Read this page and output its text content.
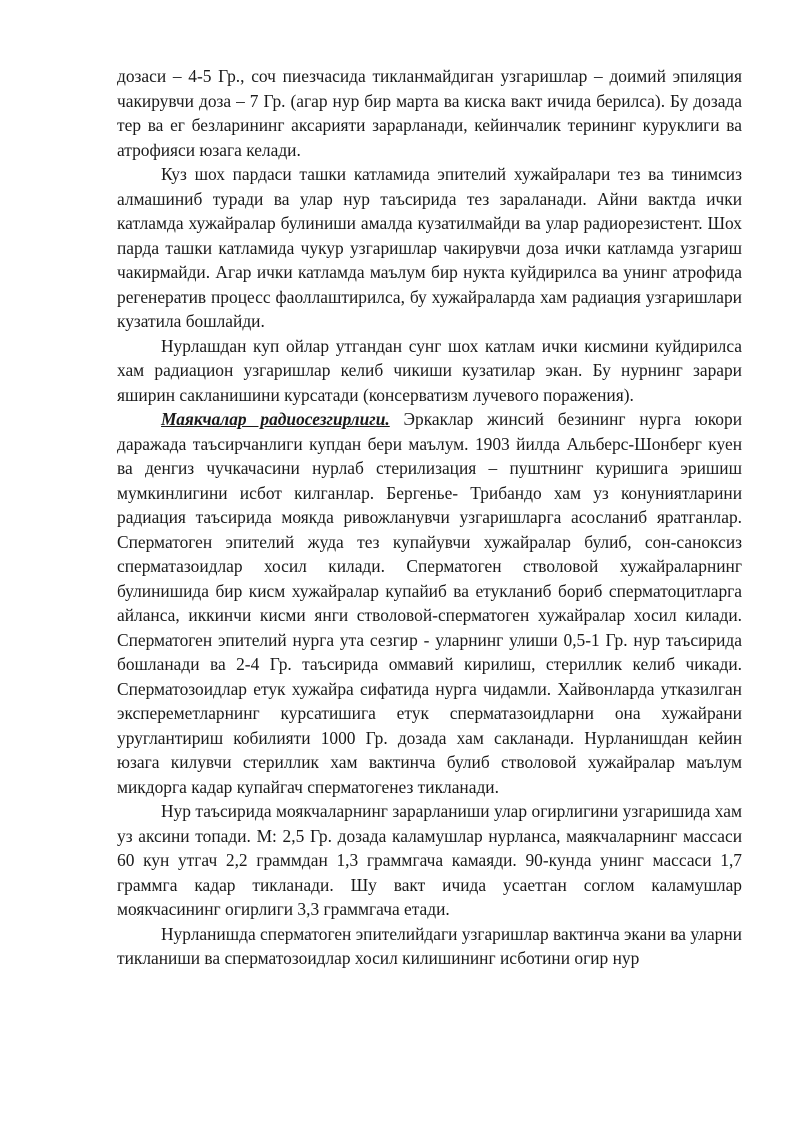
дозаси – 4-5 Гр., соч пиезчасида тикланмайдиган узгаришлар – доимий эпиляция чакирувчи доза – 7 Гр. (агар нур бир марта ва киска вакт ичида берилса). Бу дозада тер ва ег безларининг аксарияти зарарланади, кейинчалик терининг куруклиги ва атрофияси юзага келади.

Куз шох пардаси ташки катламида эпителий хужайралари тез ва тинимсиз алмашиниб туради ва улар нур таъсирида тез зараланади. Айни вактда ички катламда хужайралар булиниши амалда кузатилмайди ва улар радиорезистент. Шох парда ташки катламида чукур узгаришлар чакирувчи доза ички катламда узгариш чакирмайди. Агар ички катламда маълум бир нукта куйдирилса ва унинг атрофида регенератив процесс фаоллаштирилса, бу хужайраларда хам радиация узгаришлари кузатила бошлайди.

Нурлашдан куп ойлар утгандан сунг шох катлам ички кисмини куйдирилса хам радиацион узгаришлар келиб чикиши кузатилар экан. Бу нурнинг зарари яширин сакланишини курсатади (консерватизм лучевого поражения).

Маякчалар радиосезгирлиги. Эркаклар жинсий безининг нурга юкори даражада таъсирчанлиги купдан бери маълум. 1903 йилда Альберс-Шонберг куен ва денгиз чучкачасини нурлаб стерилизация – пуштнинг куришига эришиш мумкинлигини исбот килганлар. Бергенье- Трибандо хам уз конуниятларини радиация таъсирида моякда ривожланувчи узгаришларга асосланиб яратганлар. Сперматоген эпителий жуда тез купайувчи хужайралар булиб, сон-саноксиз сперматазоидлар хосил килади. Сперматоген стволовой хужайраларнинг булинишида бир кисм хужайралар купайиб ва етукланиб бориб сперматоцитларга айланса, иккинчи кисми янги стволовой-сперматоген хужайралар хосил килади. Сперматоген эпителий нурга ута сезгир - уларнинг улиши 0,5-1 Гр. нур таъсирида бошланади ва 2-4 Гр. таъсирида оммавий кирилиш, стериллик келиб чикади. Сперматозоидлар етук хужайра сифатида нурга чидамли. Хайвонларда утказилган экспереметларнинг курсатишига етук сперматазоидларни она хужайрани уруглантириш кобилияти 1000 Гр. дозада хам сакланади. Нурланишдан кейин юзага килувчи стериллик хам вактинча булиб стволовой хужайралар маълум микдорга кадар купайгач сперматогенез тикланади.

Нур таъсирида моякчаларнинг зарарланиши улар огирлигини узгаришида хам уз аксини топади. М: 2,5 Гр. дозада каламушлар нурланса, маякчаларнинг массаси 60 кун утгач 2,2 граммдан 1,3 граммгача камаяди. 90-кунда унинг массаси 1,7 граммга кадар тикланади. Шу вакт ичида усаетган соглом каламушлар моякчасининг огирлиги 3,3 граммгача етади.

Нурланишда сперматоген эпителийдаги узгаришлар вактинча экани ва уларни тикланиши ва сперматозоидлар хосил килишининг исботини огир нур
